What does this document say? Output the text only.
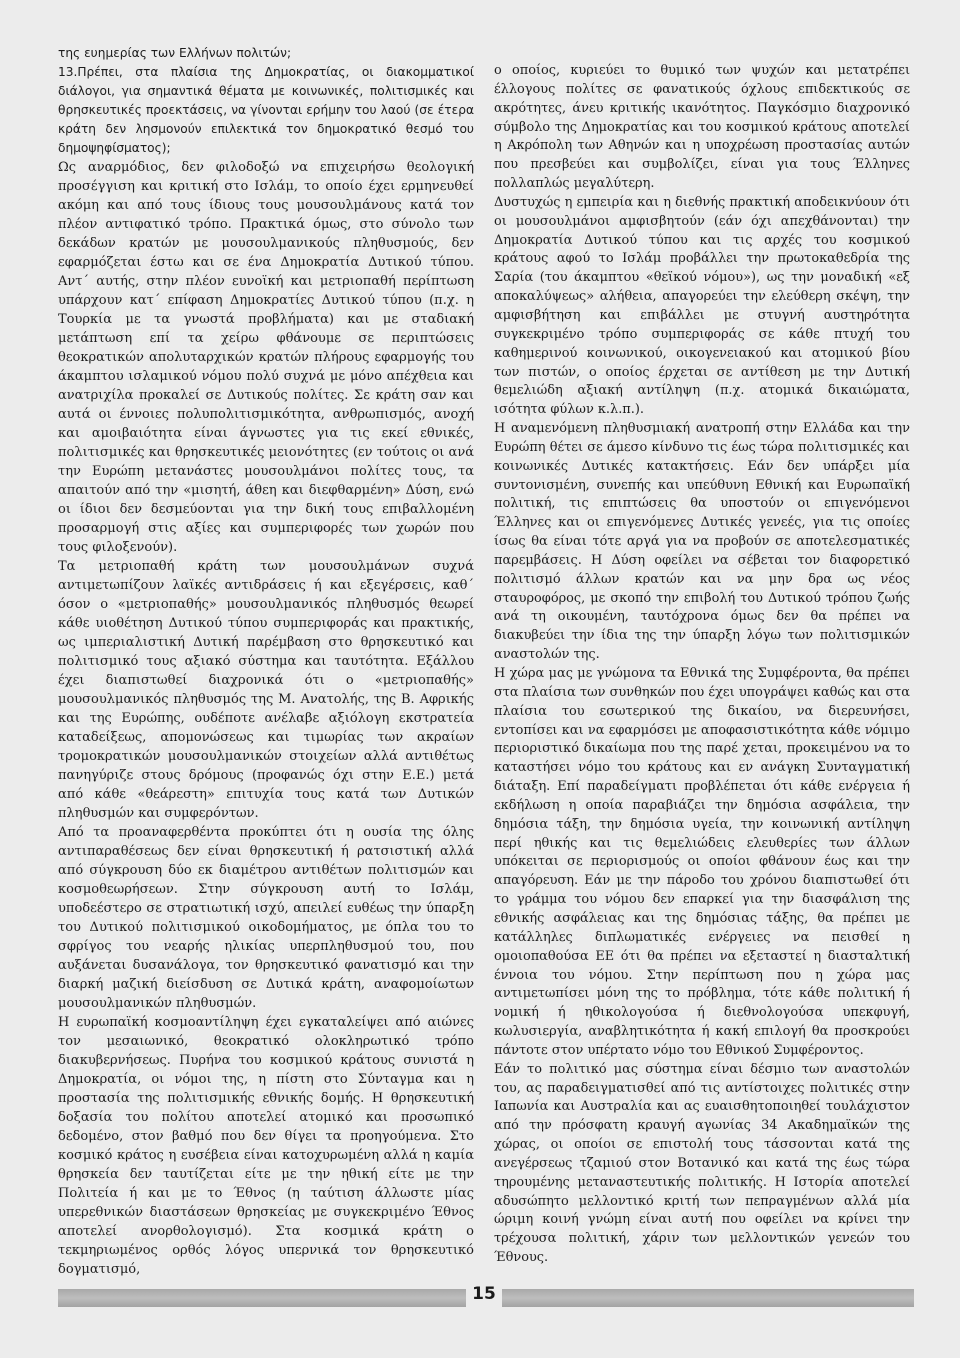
της ευημερίας των Ελλήνων πολιτών;

13.Πρέπει, στα πλαίσια της Δημοκρατίας, οι διακομματικοί διάλογοι, για σημαντικά θέματα με κοινωνικές, πολιτισμικές και θρησκευτικές προεκτάσεις, να γίνονται ερήμην του λαού (σε έτερα κράτη δεν λησμονούν επιλεκτικά τον δημοκρατικό θεσμό του δημοψηφίσματος);

Ως αναρμόδιος, δεν φιλοδοξώ να επιχειρήσω θεολογική προσέγγιση και κριτική στο Ισλάμ, το οποίο έχει ερμηνευθεί ακόμη και από τους ίδιους τους μουσουλμάνους κατά τον πλέον αντιφατικό τρόπο. Πρακτικά όμως, στο σύνολο των δεκάδων κρατών με μουσουλμανικούς πληθυσμούς, δεν εφαρμόζεται έστω και σε ένα Δημοκρατία Δυτικού τύπου. Αντ΄ αυτής, στην πλέον ευνοϊκή και μετριοπαθή περίπτωση υπάρχουν κατ΄ επίφαση Δημοκρατίες Δυτικού τύπου (π.χ. η Τουρκία με τα γνωστά προβλήματα) και με σταδιακή μετάπτωση επί τα χείρω φθάνουμε σε περιπτώσεις θεοκρατικών απολυταρχικών κρατών πλήρους εφαρμογής του άκαμπτου ισλαμικού νόμου πολύ συχνά με μόνο απέχθεια και ανατριχίλα προκαλεί σε Δυτικούς πολίτες. Σε κράτη σαν και αυτά οι έννοιες πολυπολιτισμικότητα, ανθρωπισμός, ανοχή και αμοιβαιότητα είναι άγνωστες για τις εκεί εθνικές, πολιτισμικές και θρησκευτικές μειονότητες (εν τούτοις οι ανά την Ευρώπη μετανάστες μουσουλμάνοι πολίτες τους, τα απαιτούν από την «μισητή, άθεη και διεφθαρμένη» Δύση, ενώ οι ίδιοι δεν δεσμεύονται για την δική τους επιβαλλομένη προσαρμογή στις αξίες και συμπεριφορές των χωρών που τους φιλοξενούν).

Τα μετριοπαθή κράτη των μουσουλμάνων συχνά αντιμετωπίζουν λαϊκές αντιδράσεις ή και εξεγέρσεις, καθ΄ όσον ο «μετριοπαθής» μουσουλμανικός πληθυσμός θεωρεί κάθε υιοθέτηση Δυτικού τύπου συμπεριφοράς και πρακτικής, ως ιμπεριαλιστική Δυτική παρέμβαση στο θρησκευτικό και πολιτισμικό τους αξιακό σύστημα και ταυτότητα. Εξάλλου έχει διαπιστωθεί διαχρονικά ότι ο «μετριοπαθής» μουσουλμανικός πληθυσμός της Μ. Ανατολής, της Β. Αφρικής και της Ευρώπης, ουδέποτε ανέλαβε αξιόλογη εκστρατεία καταδείξεως, απομονώσεως και τιμωρίας των ακραίων τρομοκρατικών μουσουλμανικών στοιχείων αλλά αντιθέτως πανηγύριζε στους δρόμους (προφανώς όχι στην Ε.Ε.) μετά από κάθε «θεάρεστη» επιτυχία τους κατά των Δυτικών πληθυσμών και συμφερόντων.

Από τα προαναφερθέντα προκύπτει ότι η ουσία της όλης αντιπαραθέσεως δεν είναι θρησκευτική ή ρατσιστική αλλά από σύγκρουση δύο εκ διαμέτρου αντιθέτων πολιτισμών και κοσμοθεωρήσεων. Στην σύγκρουση αυτή το Ισλάμ, υποδεέστερο σε στρατιωτική ισχύ, απειλεί ευθέως την ύπαρξη του Δυτικού πολιτισμικού οικοδομήματος, με όπλα του το σφρίγος του νεαρής ηλικίας υπερπληθυσμού του, που αυξάνεται δυσανάλογα, τον θρησκευτικό φανατισμό και την διαρκή μαζική διείσδυση σε Δυτικά κράτη, αναφομοίωτων μουσουλμανικών πληθυσμών.

Η ευρωπαϊκή κοσμοαντίληψη έχει εγκαταλείψει από αιώνες τον μεσαιωνικό, θεοκρατικό ολοκληρωτικό τρόπο διακυβερνήσεως. Πυρήνα του κοσμικού κράτους συνιστά η Δημοκρατία, οι νόμοι της, η πίστη στο Σύνταγμα και η προστασία της πολιτισμικής εθνικής δομής. Η θρησκευτική δοξασία του πολίτου αποτελεί ατομικό και προσωπικό δεδομένο, στον βαθμό που δεν θίγει τα προηγούμενα. Στο κοσμικό κράτος η ευσέβεια είναι κατοχυρωμένη αλλά η καμία θρησκεία δεν ταυτίζεται είτε με την ηθική είτε με την Πολιτεία ή και με το Έθνος (η ταύτιση άλλωστε μίας υπερεθνικών διαστάσεων θρησκείας με συγκεκριμένο Έθνος αποτελεί ανορθολογισμό). Στα κοσμικά κράτη ο τεκμηριωμένος ορθός λόγος υπερνικά τον θρησκευτικό δογματισμό,

ο οποίος, κυριεύει το θυμικό των ψυχών και μετατρέπει έλλογους πολίτες σε φανατικούς όχλους επιδεκτικούς σε ακρότητες, άνευ κριτικής ικανότητος. Παγκόσμιο διαχρονικό σύμβολο της Δημοκρατίας και του κοσμικού κράτους αποτελεί η Ακρόπολη των Αθηνών και η υποχρέωση προστασίας αυτών που πρεσβεύει και συμβολίζει, είναι για τους Έλληνες πολλαπλώς μεγαλύτερη.

Δυστυχώς η εμπειρία και η διεθνής πρακτική αποδεικνύουν ότι οι μουσουλμάνοι αμφισβητούν (εάν όχι απεχθάνονται) την Δημοκρατία Δυτικού τύπου και τις αρχές του κοσμικού κράτους αφού το Ισλάμ προβάλλει την πρωτοκαθεδρία της Σαρία (του άκαμπτου «θεϊκού νόμου»), ως την μοναδική «εξ αποκαλύψεως» αλήθεια, απαγορεύει την ελεύθερη σκέψη, την αμφισβήτηση και επιβάλλει με στυγνή αυστηρότητα συγκεκριμένο τρόπο συμπεριφοράς σε κάθε πτυχή του καθημερινού κοινωνικού, οικογενειακού και ατομικού βίου των πιστών, ο οποίος έρχεται σε αντίθεση με την Δυτική θεμελιώδη αξιακή αντίληψη (π.χ. ατομικά δικαιώματα, ισότητα φύλων κ.λ.π.).

Η αναμενόμενη πληθυσμιακή ανατροπή στην Ελλάδα και την Ευρώπη θέτει σε άμεσο κίνδυνο τις έως τώρα πολιτισμικές και κοινωνικές Δυτικές κατακτήσεις. Εάν δεν υπάρξει μία συντονισμένη, συνεπής και υπεύθυνη Εθνική και Ευρωπαϊκή πολιτική, τις επιπτώσεις θα υποστούν οι επιγενόμενοι Έλληνες και οι επιγενόμενες Δυτικές γενεές, για τις οποίες ίσως θα είναι τότε αργά για να προβούν σε αποτελεσματικές παρεμβάσεις. Η Δύση οφείλει να σέβεται τον διαφορετικό πολιτισμό άλλων κρατών και να μην δρα ως νέος σταυροφόρος, με σκοπό την επιβολή του Δυτικού τρόπου ζωής ανά τη οικουμένη, ταυτόχρονα όμως δεν θα πρέπει να διακυβεύει την ίδια της την ύπαρξη λόγω των πολιτισμικών αναστολών της.

Η χώρα μας με γνώμονα τα Εθνικά της Συμφέροντα, θα πρέπει στα πλαίσια των συνθηκών που έχει υπογράψει καθώς και στα πλαίσια του εσωτερικού της δικαίου, να διερευνήσει, εντοπίσει και να εφαρμόσει με αποφασιστικότητα κάθε νόμιμο περιοριστικό δικαίωμα που της παρέ χεται, προκειμένου να το καταστήσει νόμο του κράτους και εν ανάγκη Συνταγματική διάταξη. Επί παραδείγματι προβλέπεται ότι κάθε ενέργεια ή εκδήλωση η οποία παραβιάζει την δημόσια ασφάλεια, την δημόσια τάξη, την δημόσια υγεία, την κοινωνική αντίληψη περί ηθικής και τις θεμελιώδεις ελευθερίες των άλλων υπόκειται σε περιορισμούς οι οποίοι φθάνουν έως και την απαγόρευση. Εάν με την πάροδο του χρόνου διαπιστωθεί ότι το γράμμα του νόμου δεν επαρκεί για την διασφάλιση της εθνικής ασφάλειας και της δημόσιας τάξης, θα πρέπει με κατάλληλες διπλωματικές ενέργειες να πεισθεί η ομοιοπαθούσα ΕΕ ότι θα πρέπει να εξεταστεί η διασταλτική έννοια του νόμου. Στην περίπτωση που η χώρα μας αντιμετωπίσει μόνη της το πρόβλημα, τότε κάθε πολιτική ή νομική ή ηθικολογούσα ή διεθνολογούσα υπεκφυγή, κωλυσιεργία, αναβλητικότητα ή κακή επιλογή θα προσκρούει πάντοτε στον υπέρτατο νόμο του Εθνικού Συμφέροντος.

Εάν το πολιτικό μας σύστημα είναι δέσμιο των αναστολών του, ας παραδειγματισθεί από τις αντίστοιχες πολιτικές στην Ιαπωνία και Αυστραλία και ας ευαισθητοποιηθεί τουλάχιστον από την πρόσφατη κραυγή αγωνίας 34 Ακαδημαϊκών της χώρας, οι οποίοι σε επιστολή τους τάσσονται κατά της ανεγέρσεως τζαμιού στον Βοτανικό και κατά της έως τώρα τηρουμένης μεταναστευτικής πολιτικής. Η Ιστορία αποτελεί αδυσώπητο μελλοντικό κριτή των πεπραγμένων αλλά μία ώριμη κοινή γνώμη είναι αυτή που οφείλει να κρίνει την τρέχουσα πολιτική, χάριν των μελλοντικών γενεών του Έθνους.

15
